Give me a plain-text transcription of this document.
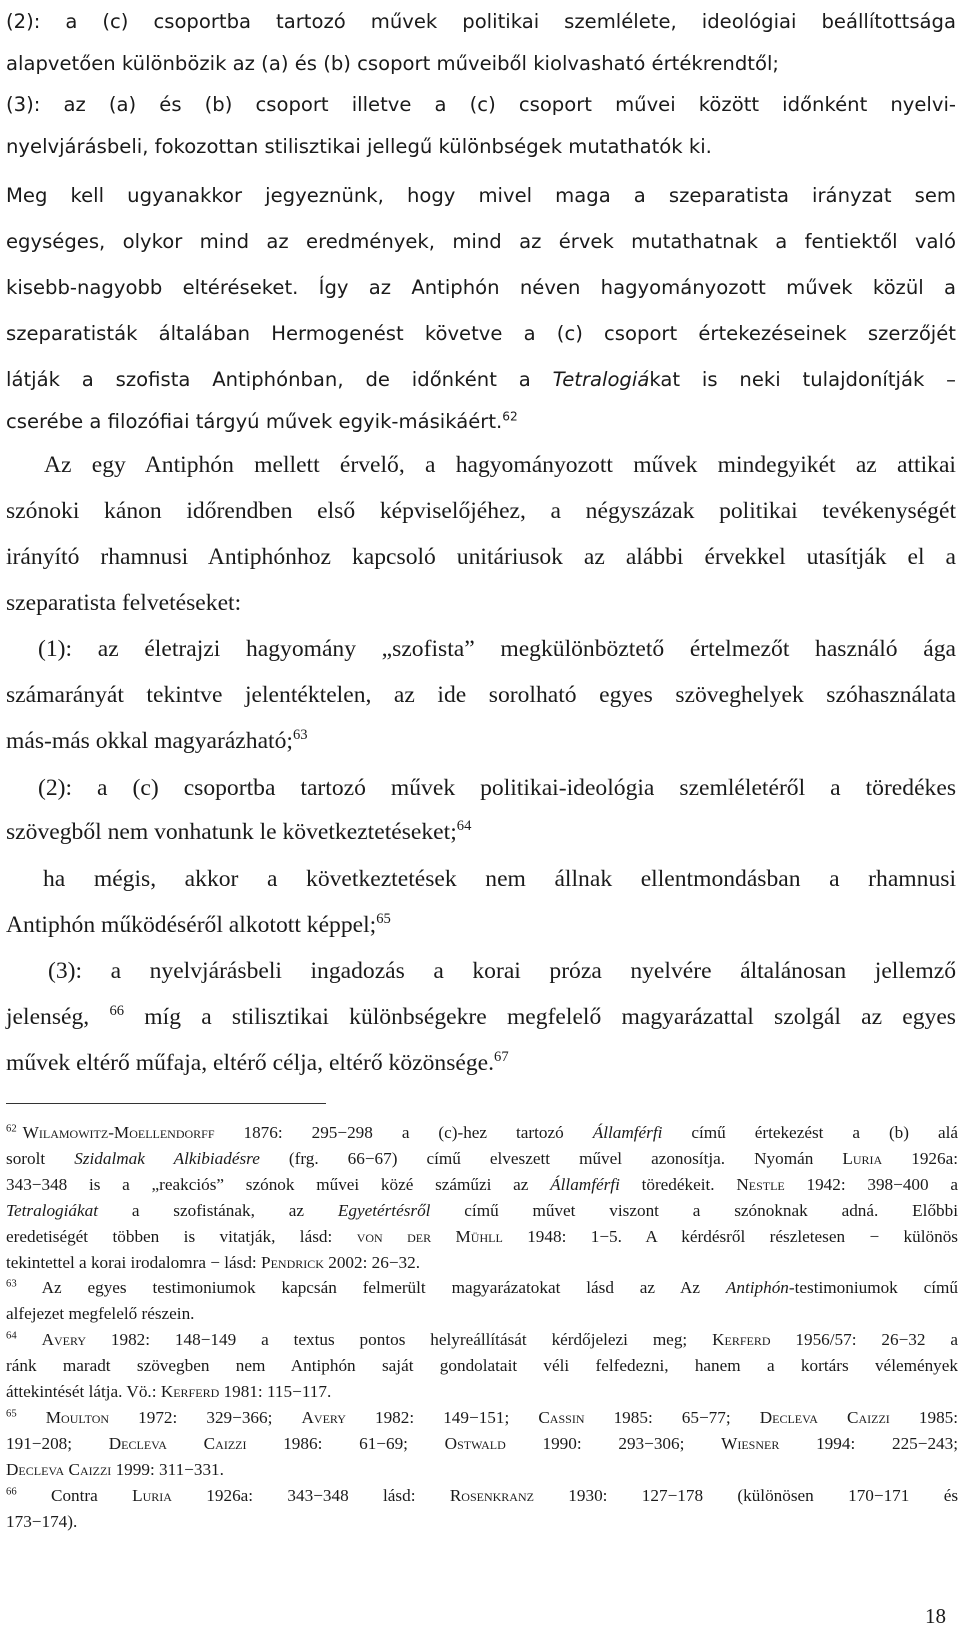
(2): a (c) csoportba tartozó művek politikai szemlélete, ideológiai beállítottsága
alapvetően különbözik az (a) és (b) csoport műveiből kiolvasható értékrendtől;
(3): az (a) és (b) csoport illetve a (c) csoport művei között időnként nyelvi-
nyelvjárásbeli, fokozottan stilisztikai jellegű különbségek mutathatók ki.
Meg kell ugyanakkor jegyeznünk, hogy mivel maga a szeparatista irányzat sem
egységes, olykor mind az eredmények, mind az érvek mutathatnak a fentiektől való
kisebb-nagyobb eltéréseket. Így az Antiphón néven hagyományozott művek közül a
szeparatisták általában Hermogenést követve a (c) csoport értekezéseinek szerzőjét
látják a szofista Antiphónban, de időnként a Tetralogiákat is neki tulajdonítják –
cserébe a filozófiai tárgyú művek egyik-másikáért.$^{62}$
Az egy Antiphón mellett érvelő, a hagyományozott művek mindegyikét az attikai
szónoki kánon időrendben első képviselőjéhez, a négyszázak politikai tevékenységét
irányító rhamnusi Antiphónhoz kapcsoló unitáriusok az alábbi érvekkel utasítják el a
szeparatista felvetéseket:
(1): az életrajzi hagyomány „szofista” megkülönböztető értelmezőt használó ága
számarányát tekintve jelentéktelen, az ide sorolható egyes szöveghelyek szóhasználata
más-más okkal magyarázható;$^{63}$
(2): a (c) csoportba tartozó művek politikai-ideológia szemléletéről a töredékes
szövegből nem vonhatunk le következtetéseket;$^{64}$
ha mégis, akkor a következtetések nem állnak ellentmondásban a rhamnusi
Antiphón működéséről alkotott képpel;$^{65}$
(3): a nyelvjárásbeli ingadozás a korai próza nyelvére általánosan jellemző
jelenség, $^{66}$ míg a stilisztikai különbségekre megfelelő magyarázattal szolgál az egyes
művek eltérő műfaja, eltérő célja, eltérő közönsége.$^{67}$
$^{62}$ Wilamowitz-Moellendorff 1876: 295−298 a (c)-hez tartozó Államférfi című értekezést a (b) alá
sorolt Szidalmak Alkibiadésre (frg. 66−67) című elveszett művel azonosítja. Nyomán Luria 1926a:
343−348 is a „reakciós” szónok művei közé száműzi az Államférfi töredékeit. Nestle 1942: 398−400 a
Tetralogiákat a szofistának, az Egyetértésről című művet viszont a szónoknak adná. Előbbi
eredetiségét többen is vitatják, lásd: von der Mühll 1948: 1−5. A kérdésről részletesen − különös
tekintettel a korai irodalomra − lásd: Pendrick 2002: 26−32.
$^{63}$ Az egyes testimoniumok kapcsán felmerült magyarázatokat lásd az Az Antiphón-testimoniumok című
alfejezet megfelelő részein.
$^{64}$ Avery 1982: 148−149 a textus pontos helyreállítását kérdőjelezi meg; Kerferd 1956/57: 26−32 a
ránk maradt szövegben nem Antiphón saját gondolatait véli felfedezni, hanem a kortárs vélemények
áttekintését látja. Vö.: Kerferd 1981: 115−117.
$^{65}$ Moulton 1972: 329−366; Avery 1982: 149−151; Cassin 1985: 65−77; Decleva Caizzi 1985:
191−208; Decleva Caizzi 1986: 61−69; Ostwald 1990: 293−306; Wiesner 1994: 225−243;
Decleva Caizzi 1999: 311−331.
$^{66}$ Contra Luria 1926a: 343−348 lásd: Rosenkranz 1930: 127−178 (különösen 170−171 és
173−174).
18
